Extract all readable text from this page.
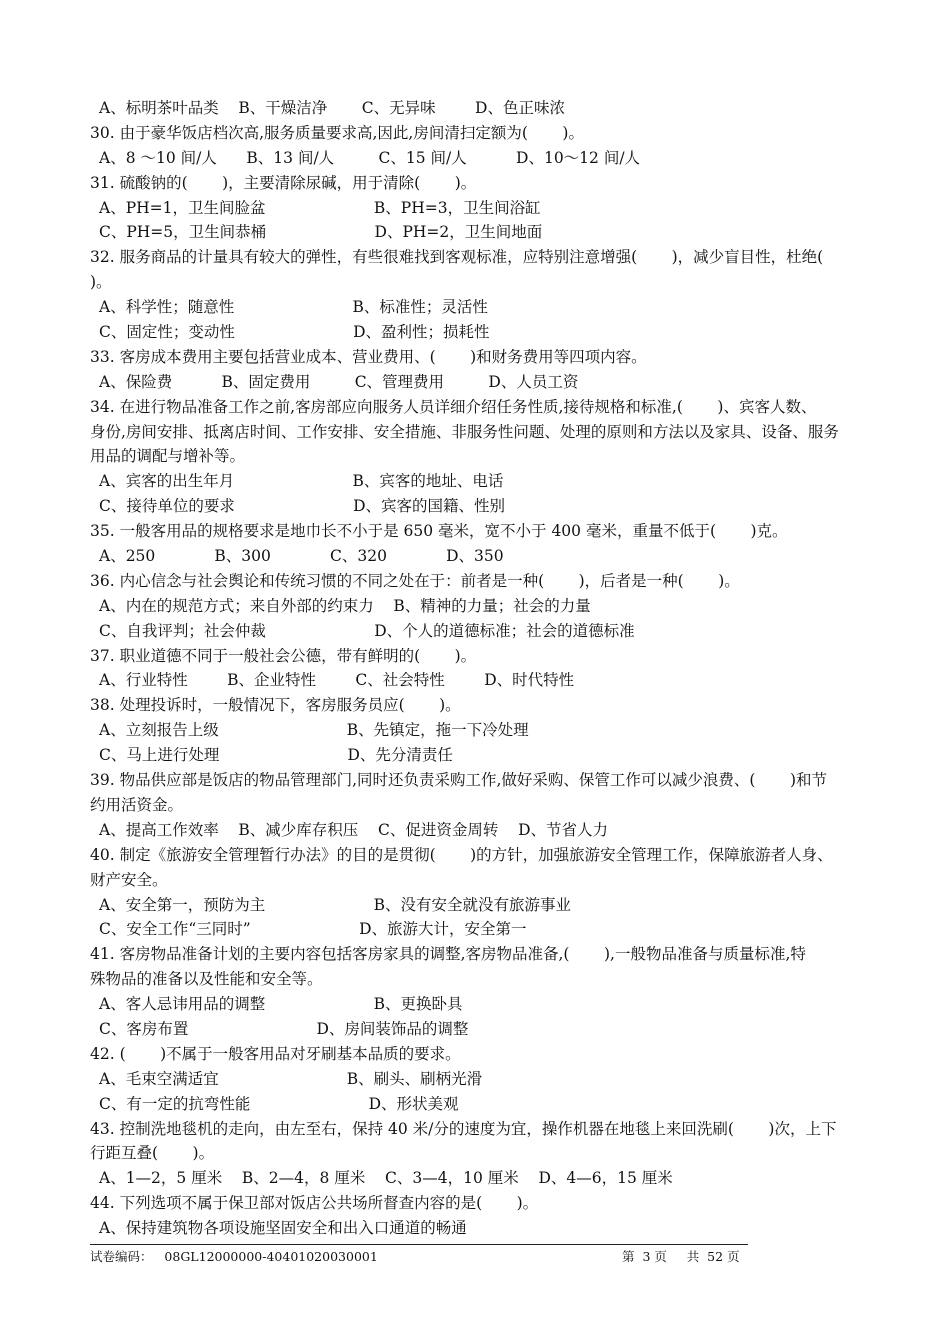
A、标明茶叶品类    B、干燥洁净       C、无异味        D、色正味浓
30. 由于豪华饭店档次高,服务质量要求高,因此,房间清扫定额为(       )。
A、8 ～10 间/人      B、13 间/人         C、15 间/人          D、10～12 间/人
31. 硫酸钠的(       )，主要清除尿碱，用于清除(       )。
A、PH=1，卫生间脸盆                      B、PH=3，卫生间浴缸
C、PH=5，卫生间恭桶                      D、PH=2，卫生间地面
32. 服务商品的计量具有较大的弹性，有些很难找到客观标准，应特别注意增强(       )，减少盲目性，杜绝(
)。
A、科学性；随意性                        B、标准性；灵活性
C、固定性；变动性                        D、盈利性；损耗性
33. 客房成本费用主要包括营业成本、营业费用、(       )和财务费用等四项内容。
A、保险费          B、固定费用         C、管理费用         D、人员工资
34. 在进行物品准备工作之前,客房部应向服务人员详细介绍任务性质,接待规格和标准,(       )、宾客人数、
身份,房间安排、抵离店时间、工作安排、安全措施、非服务性问题、处理的原则和方法以及家具、设备、服务
用品的调配与增补等。
A、宾客的出生年月                        B、宾客的地址、电话
C、接待单位的要求                        D、宾客的国籍、性别
35. 一般客用品的规格要求是地巾长不小于是 650 毫米，宽不小于 400 毫米，重量不低于(       )克。
A、250            B、300            C、320            D、350
36. 内心信念与社会舆论和传统习惯的不同之处在于：前者是一种(       )，后者是一种(       )。
A、内在的规范方式；来自外部的约束力    B、精神的力量；社会的力量
C、自我评判；社会仲裁                      D、个人的道德标准；社会的道德标准
37. 职业道德不同于一般社会公德，带有鲜明的(       )。
A、行业特性        B、企业特性        C、社会特性        D、时代特性
38. 处理投诉时，一般情况下，客房服务员应(       )。
A、立刻报告上级                          B、先镇定，拖一下冷处理
C、马上进行处理                          D、先分清责任
39. 物品供应部是饭店的物品管理部门,同时还负责采购工作,做好采购、保管工作可以减少浪费、(       )和节
约用活资金。
A、提高工作效率    B、减少库存积压    C、促进资金周转    D、节省人力
40. 制定《旅游安全管理暂行办法》的目的是贯彻(       )的方针，加强旅游安全管理工作，保障旅游者人身、
财产安全。
A、安全第一，预防为主                      B、没有安全就没有旅游事业
C、安全工作“三同时”                      D、旅游大计，安全第一
41. 客房物品准备计划的主要内容包括客房家具的调整,客房物品准备,(       ),一般物品准备与质量标准,特
殊物品的准备以及性能和安全等。
A、客人忌讳用品的调整                      B、更换卧具
C、客房布置                          D、房间装饰品的调整
42. (       )不属于一般客用品对牙刷基本品质的要求。
A、毛束空满适宜                          B、刷头、刷柄光滑
C、有一定的抗弯性能                        D、形状美观
43. 控制洗地毯机的走向，由左至右，保持 40 米/分的速度为宜，操作机器在地毯上来回洗刷(       )次，上下
行距互叠(       )。
A、1—2，5 厘米    B、2—4，8 厘米    C、3—4，10 厘米    D、4—6，15 厘米
44. 下列选项不属于保卫部对饭店公共场所督查内容的是(       )。
A、保持建筑物各项设施坚固安全和出入口通道的畅通
试卷编码：   08GL12000000-40401020030001	第  3 页     共  52 页
